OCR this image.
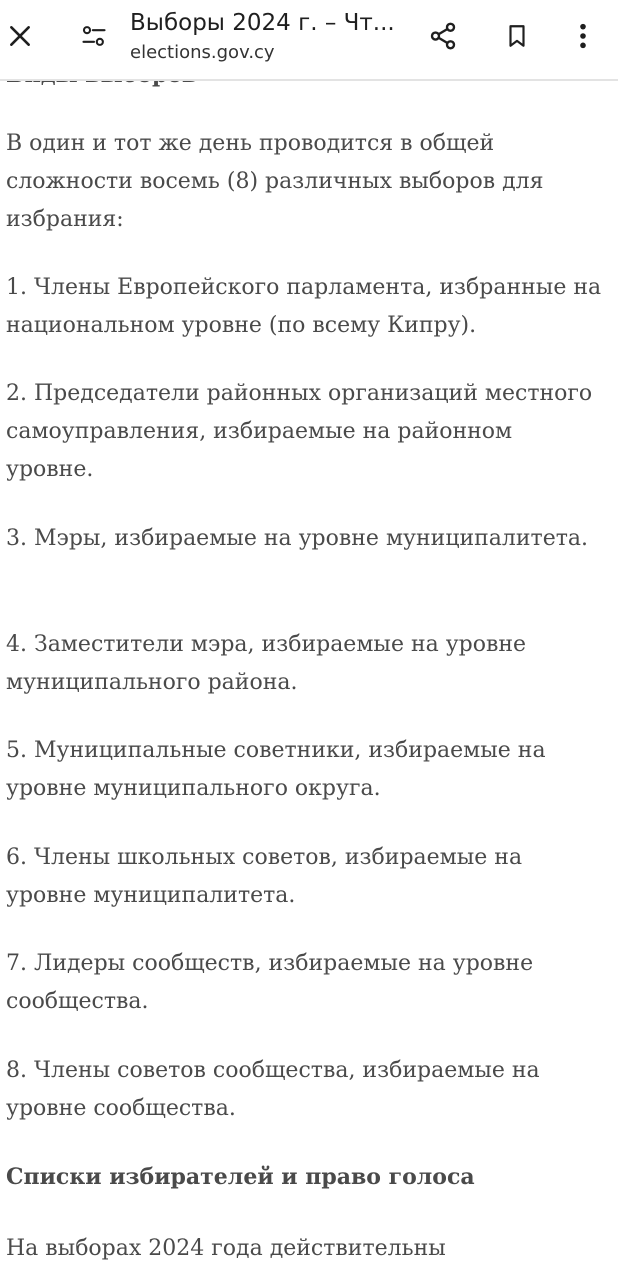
В один и тот же день проводится в общей сложности восемь (8) различных выборов для избрания:

1. Члены Европейского парламента, избранные на национальном уровне (по всему Кипру).

2. Председатели районных организаций местного самоуправления, избираемые на районном уровне.

3. Мэры, избираемые на уровне муниципалитета.

4. Заместители мэра, избираемые на уровне муниципального района.

5. Муниципальные советники, избираемые на уровне муниципального округа.

6. Члены школьных советов, избираемые на уровне муниципалитета.

7. Лидеры сообществ, избираемые на уровне сообщества.

8. Члены советов сообщества, избираемые на уровне сообщества.

Списки избирателей и право голоса

На выборах 2024 года действительны

Выборы 2024 г. – Чт...
elections.gov.cy
